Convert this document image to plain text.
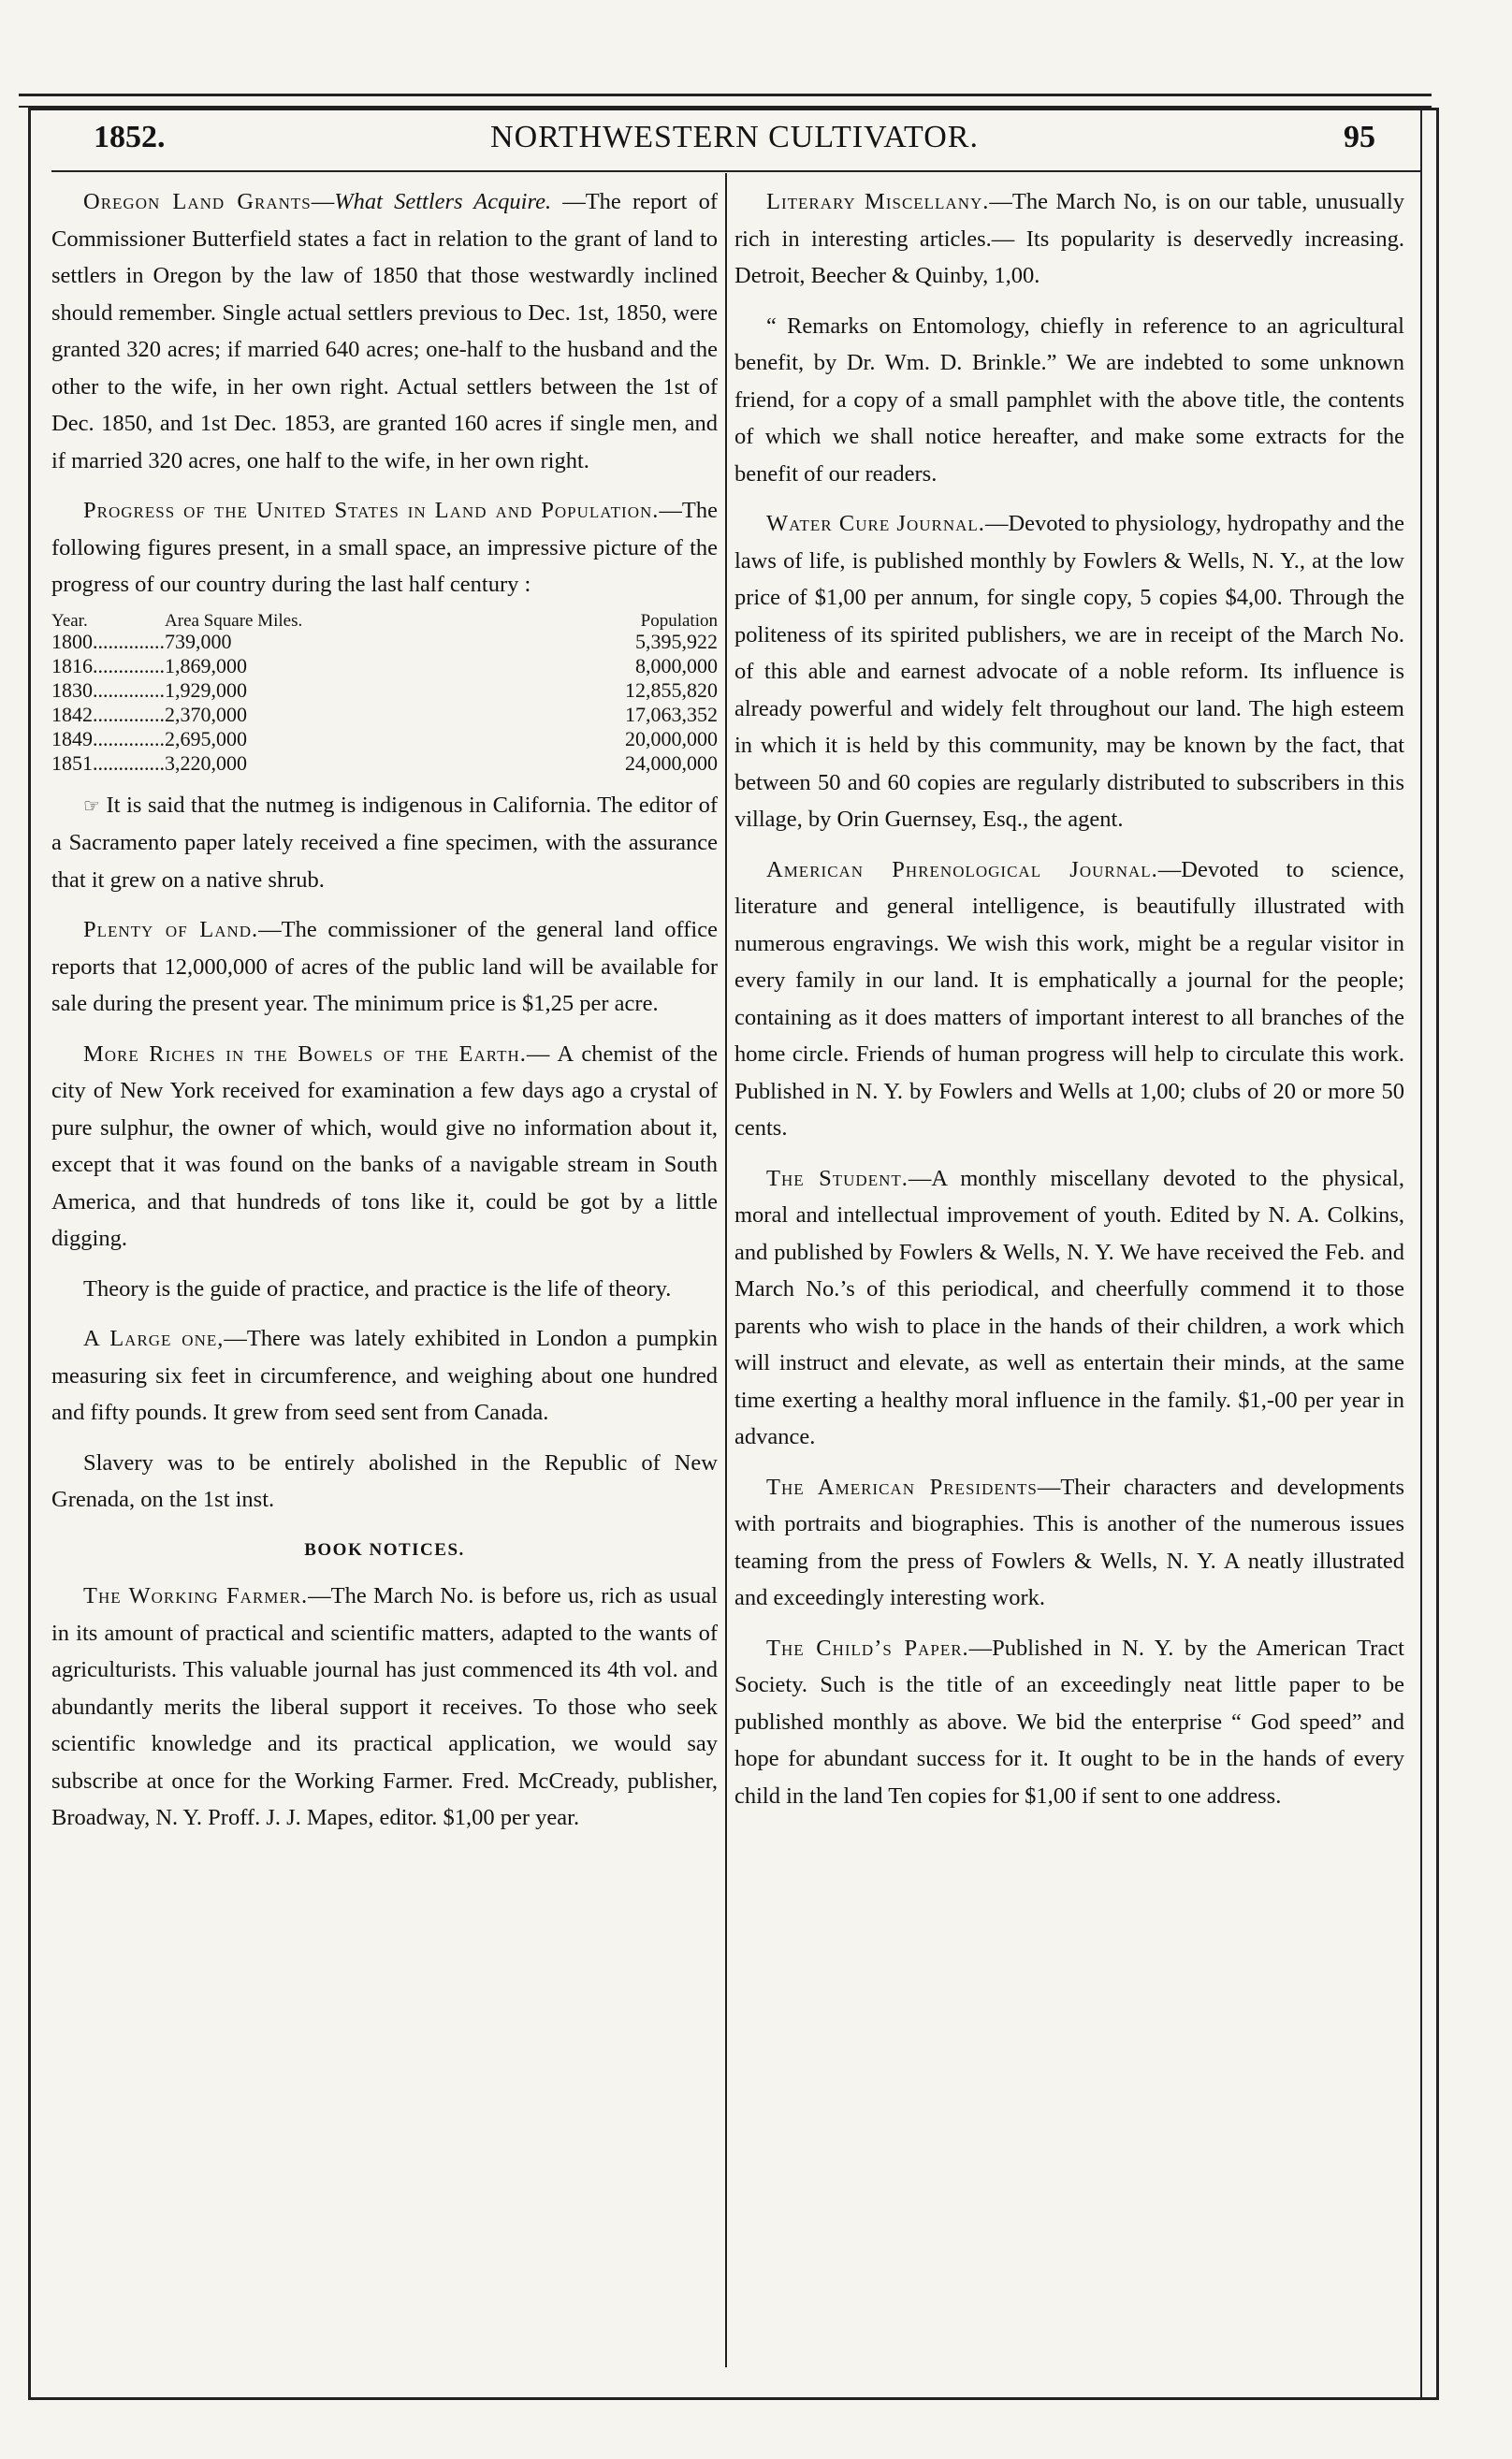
1852.	NORTHWESTERN CULTIVATOR.	95

Oregon Land Grants—What Settlers Acquire. —The report of Commissioner Butterfield states a fact in relation to the grant of land to settlers in Oregon by the law of 1850 that those westwardly inclined should remember. Single actual settlers previous to Dec. 1st, 1850, were granted 320 acres; if married 640 acres; one-half to the husband and the other to the wife, in her own right. Actual settlers between the 1st of Dec. 1850, and 1st Dec. 1853, are granted 160 acres if single men, and if married 320 acres, one half to the wife, in her own right.

Progress of the United States in Land and Population.—The following figures present, in a small space, an impressive picture of the progress of our country during the last half century :

Year.	Area Square Miles.	Population
1800..............	739,000	5,395,922
1816..............	1,869,000	8,000,000
1830..............	1,929,000	12,855,820
1842..............	2,370,000	17,063,352
1849..............	2,695,000	20,000,000
1851..............	3,220,000	24,000,000

☞ It is said that the nutmeg is indigenous in California. The editor of a Sacramento paper lately received a fine specimen, with the assurance that it grew on a native shrub.

Plenty of Land.—The commissioner of the general land office reports that 12,000,000 of acres of the public land will be available for sale during the present year. The minimum price is $1,25 per acre.

More Riches in the Bowels of the Earth.— A chemist of the city of New York received for examination a few days ago a crystal of pure sulphur, the owner of which, would give no information about it, except that it was found on the banks of a navigable stream in South America, and that hundreds of tons like it, could be got by a little digging.

Theory is the guide of practice, and practice is the life of theory.

A Large one,—There was lately exhibited in London a pumpkin measuring six feet in circumference, and weighing about one hundred and fifty pounds. It grew from seed sent from Canada.

Slavery was to be entirely abolished in the Republic of New Grenada, on the 1st inst.

BOOK NOTICES.

The Working Farmer.—The March No. is before us, rich as usual in its amount of practical and scientific matters, adapted to the wants of agriculturists. This valuable journal has just commenced its 4th vol. and abundantly merits the liberal support it receives. To those who seek scientific knowledge and its practical application, we would say subscribe at once for the Working Farmer. Fred. McCready, publisher, Broadway, N. Y. Proff. J. J. Mapes, editor. $1,00 per year.

Literary Miscellany.—The March No, is on our table, unusually rich in interesting articles.— Its popularity is deservedly increasing. Detroit, Beecher & Quinby, 1,00.

“ Remarks on Entomology, chiefly in reference to an agricultural benefit, by Dr. Wm. D. Brinkle.” We are indebted to some unknown friend, for a copy of a small pamphlet with the above title, the contents of which we shall notice hereafter, and make some extracts for the benefit of our readers.

Water Cure Journal.—Devoted to physiology, hydropathy and the laws of life, is published monthly by Fowlers & Wells, N. Y., at the low price of $1,00 per annum, for single copy, 5 copies $4,00. Through the politeness of its spirited publishers, we are in receipt of the March No. of this able and earnest advocate of a noble reform. Its influence is already powerful and widely felt throughout our land. The high esteem in which it is held by this community, may be known by the fact, that between 50 and 60 copies are regularly distributed to subscribers in this village, by Orin Guernsey, Esq., the agent.

American Phrenological Journal.—Devoted to science, literature and general intelligence, is beautifully illustrated with numerous engravings. We wish this work, might be a regular visitor in every family in our land. It is emphatically a journal for the people; containing as it does matters of important interest to all branches of the home circle. Friends of human progress will help to circulate this work. Published in N. Y. by Fowlers and Wells at 1,00; clubs of 20 or more 50 cents.

The Student.—A monthly miscellany devoted to the physical, moral and intellectual improvement of youth. Edited by N. A. Colkins, and published by Fowlers & Wells, N. Y. We have received the Feb. and March No.’s of this periodical, and cheerfully commend it to those parents who wish to place in the hands of their children, a work which will instruct and elevate, as well as entertain their minds, at the same time exerting a healthy moral influence in the family. $1,-00 per year in advance.

The American Presidents—Their characters and developments with portraits and biographies. This is another of the numerous issues teaming from the press of Fowlers & Wells, N. Y. A neatly illustrated and exceedingly interesting work.

The Child’s Paper.—Published in N. Y. by the American Tract Society. Such is the title of an exceedingly neat little paper to be published monthly as above. We bid the enterprise “ God speed” and hope for abundant success for it. It ought to be in the hands of every child in the land Ten copies for $1,00 if sent to one address.
